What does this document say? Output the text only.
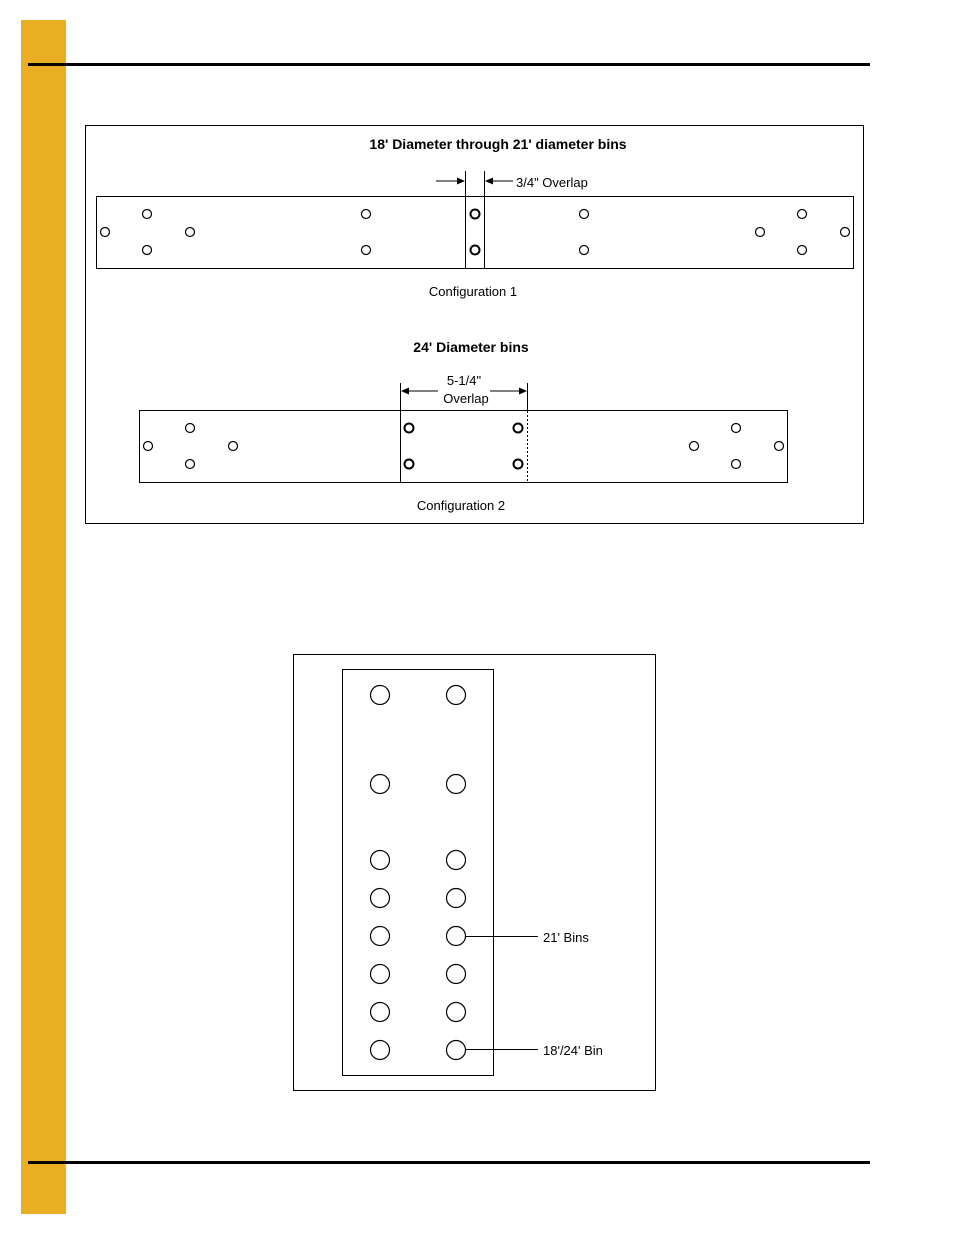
18' Diameter through 21' diameter bins
3/4" Overlap
Configuration 1
24' Diameter bins
5-1/4"
Overlap
Configuration 2
21' Bins
18'/24' Bin
